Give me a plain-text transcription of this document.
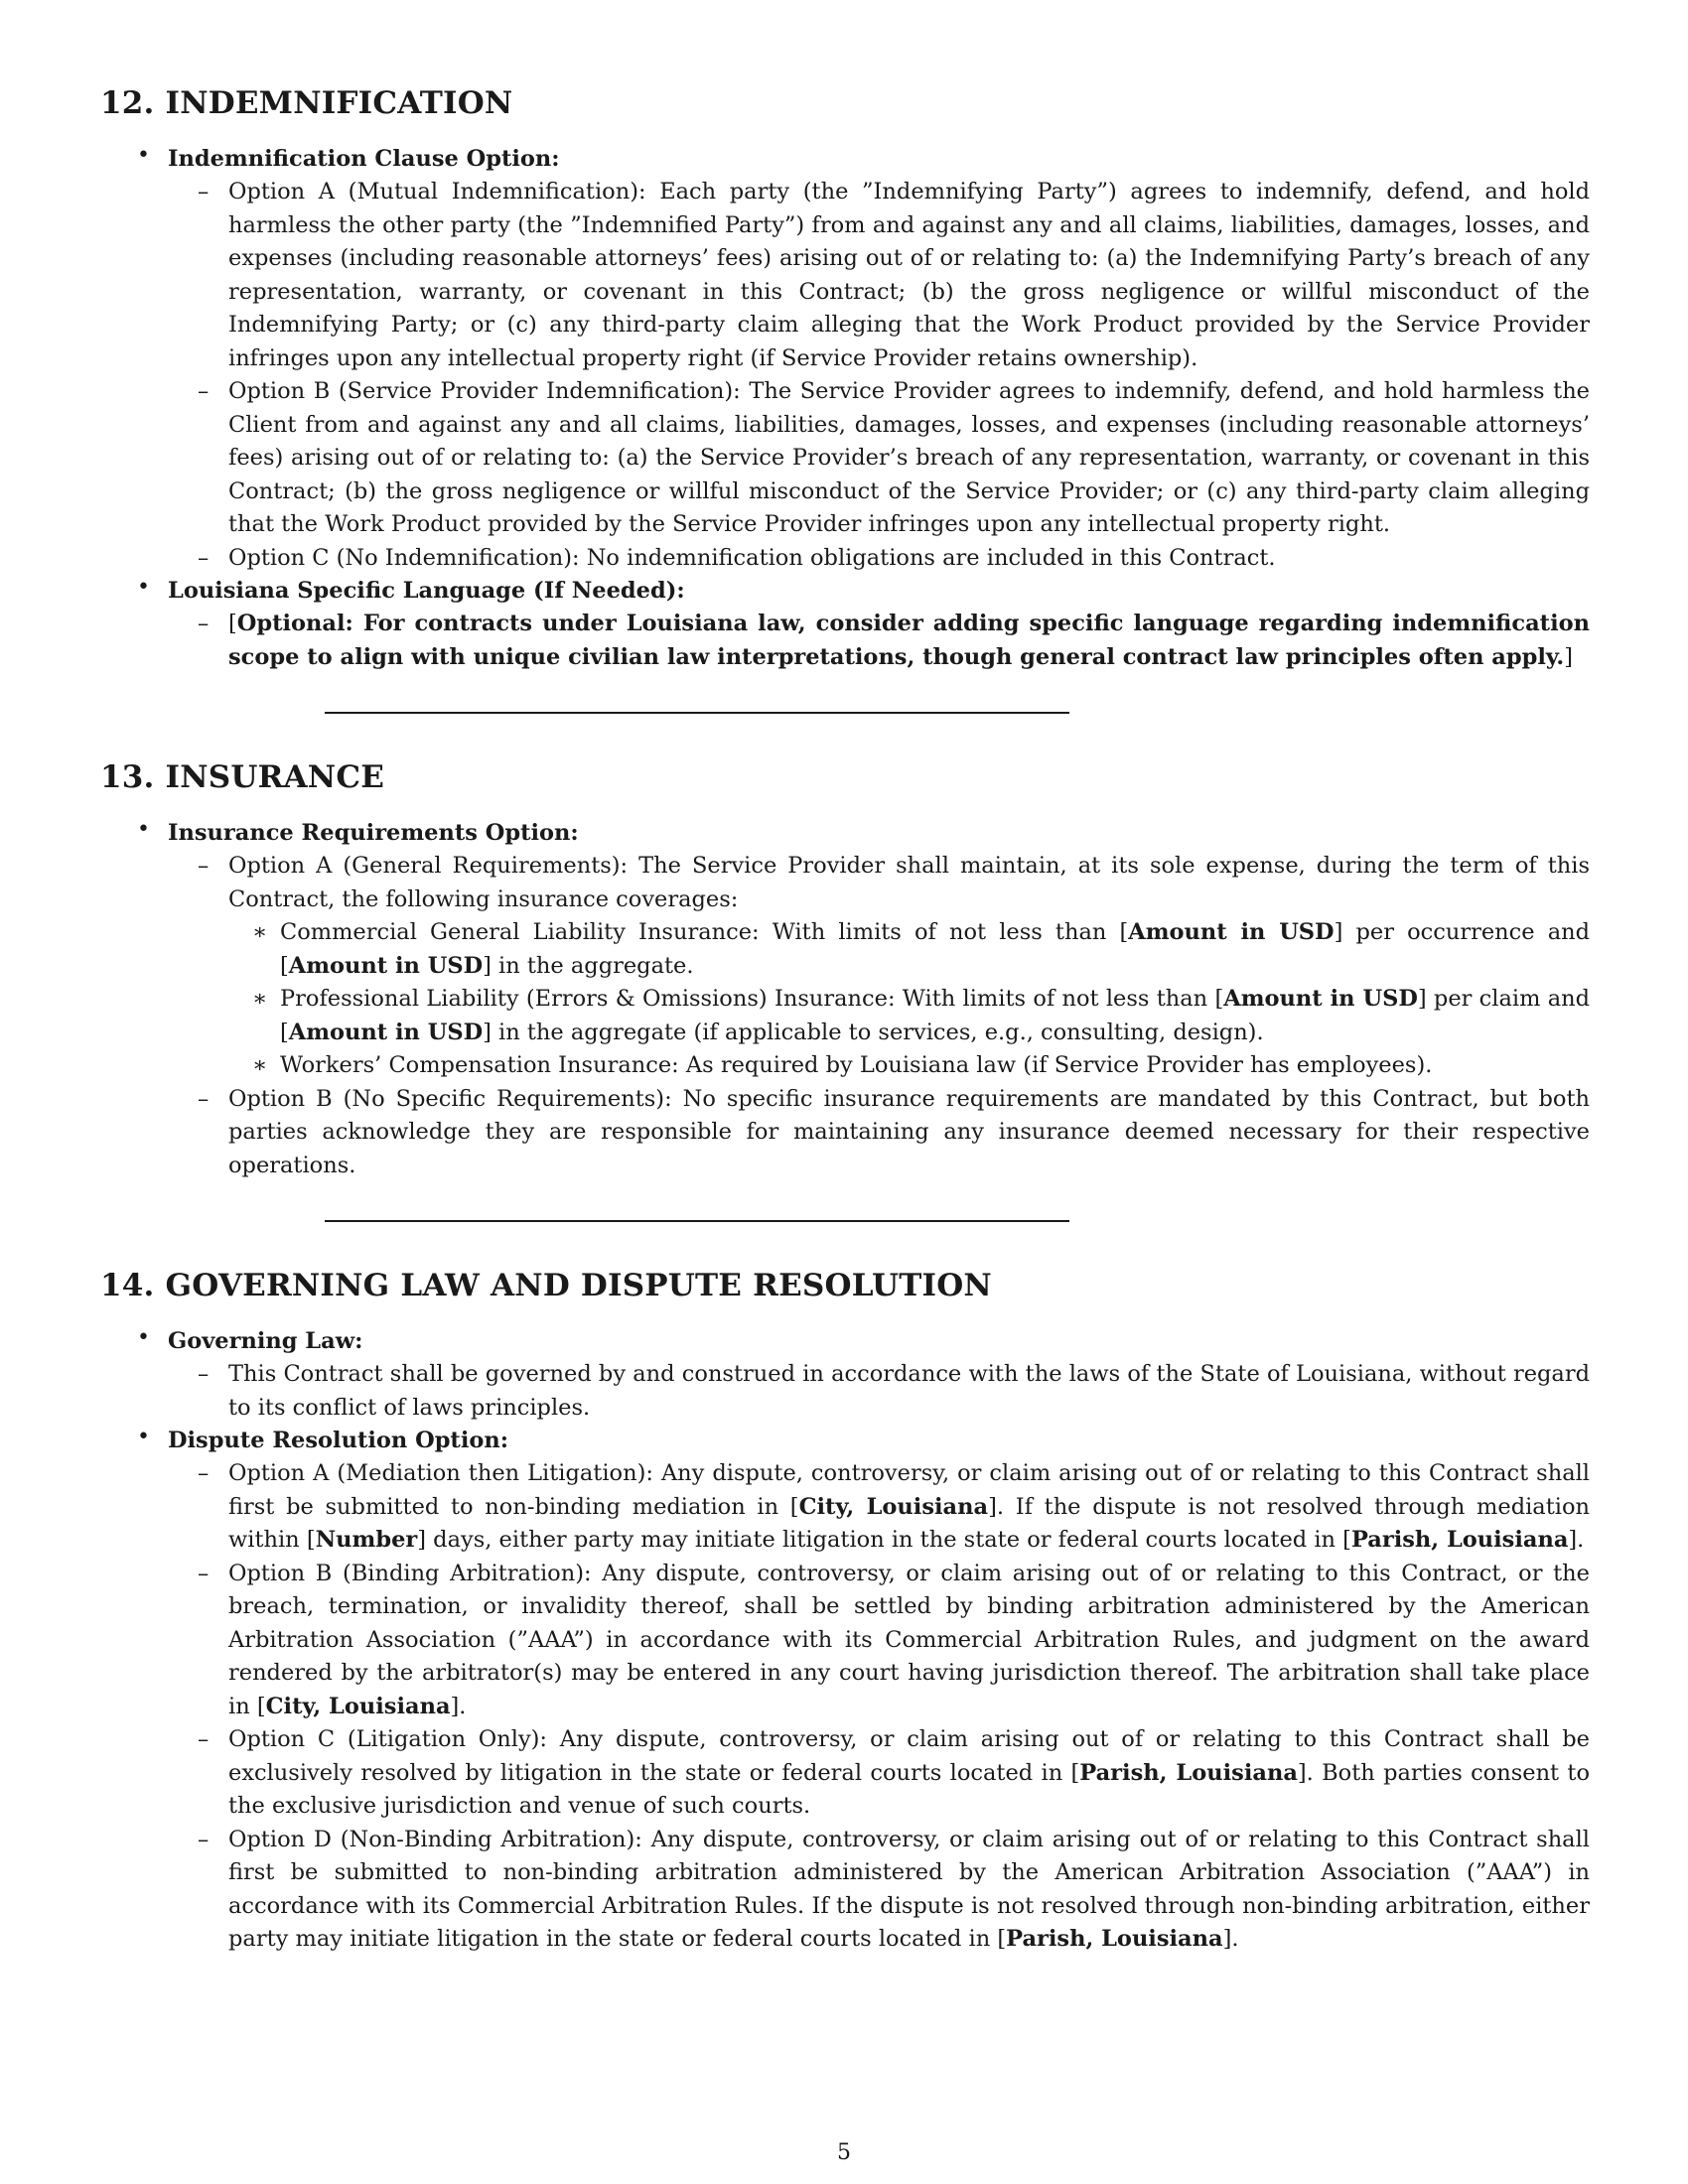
12. INDEMNIFICATION
• Indemnification Clause Option:
– Option A (Mutual Indemnification): Each party (the ”Indemnifying Party”) agrees to indemnify, defend, and hold harmless the other party (the ”Indemnified Party”) from and against any and all claims, liabilities, damages, losses, and expenses (including reasonable attorneys’ fees) arising out of or relating to: (a) the Indemnifying Party’s breach of any representation, warranty, or covenant in this Contract; (b) the gross negligence or willful misconduct of the Indemnifying Party; or (c) any third-party claim alleging that the Work Product provided by the Service Provider infringes upon any intellectual property right (if Service Provider retains ownership).
– Option B (Service Provider Indemnification): The Service Provider agrees to indemnify, defend, and hold harmless the Client from and against any and all claims, liabilities, damages, losses, and expenses (including reasonable attorneys’ fees) arising out of or relating to: (a) the Service Provider’s breach of any representation, warranty, or covenant in this Contract; (b) the gross negligence or willful misconduct of the Service Provider; or (c) any third-party claim alleging that the Work Product provided by the Service Provider infringes upon any intellectual property right.
– Option C (No Indemnification): No indemnification obligations are included in this Contract.
• Louisiana Specific Language (If Needed):
– [Optional: For contracts under Louisiana law, consider adding specific language regarding indemnification scope to align with unique civilian law interpretations, though general contract law principles often apply.]
13. INSURANCE
• Insurance Requirements Option:
– Option A (General Requirements): The Service Provider shall maintain, at its sole expense, during the term of this Contract, the following insurance coverages:
∗ Commercial General Liability Insurance: With limits of not less than [Amount in USD] per occurrence and [Amount in USD] in the aggregate.
∗ Professional Liability (Errors & Omissions) Insurance: With limits of not less than [Amount in USD] per claim and [Amount in USD] in the aggregate (if applicable to services, e.g., consulting, design).
∗ Workers’ Compensation Insurance: As required by Louisiana law (if Service Provider has employees).
– Option B (No Specific Requirements): No specific insurance requirements are mandated by this Contract, but both parties acknowledge they are responsible for maintaining any insurance deemed necessary for their respective operations.
14. GOVERNING LAW AND DISPUTE RESOLUTION
• Governing Law:
– This Contract shall be governed by and construed in accordance with the laws of the State of Louisiana, without regard to its conflict of laws principles.
• Dispute Resolution Option:
– Option A (Mediation then Litigation): Any dispute, controversy, or claim arising out of or relating to this Contract shall first be submitted to non-binding mediation in [City, Louisiana]. If the dispute is not resolved through mediation within [Number] days, either party may initiate litigation in the state or federal courts located in [Parish, Louisiana].
– Option B (Binding Arbitration): Any dispute, controversy, or claim arising out of or relating to this Contract, or the breach, termination, or invalidity thereof, shall be settled by binding arbitration administered by the American Arbitration Association (”AAA”) in accordance with its Commercial Arbitration Rules, and judgment on the award rendered by the arbitrator(s) may be entered in any court having jurisdiction thereof. The arbitration shall take place in [City, Louisiana].
– Option C (Litigation Only): Any dispute, controversy, or claim arising out of or relating to this Contract shall be exclusively resolved by litigation in the state or federal courts located in [Parish, Louisiana]. Both parties consent to the exclusive jurisdiction and venue of such courts.
– Option D (Non-Binding Arbitration): Any dispute, controversy, or claim arising out of or relating to this Contract shall first be submitted to non-binding arbitration administered by the American Arbitration Association (”AAA”) in accordance with its Commercial Arbitration Rules. If the dispute is not resolved through non-binding arbitration, either party may initiate litigation in the state or federal courts located in [Parish, Louisiana].
5
